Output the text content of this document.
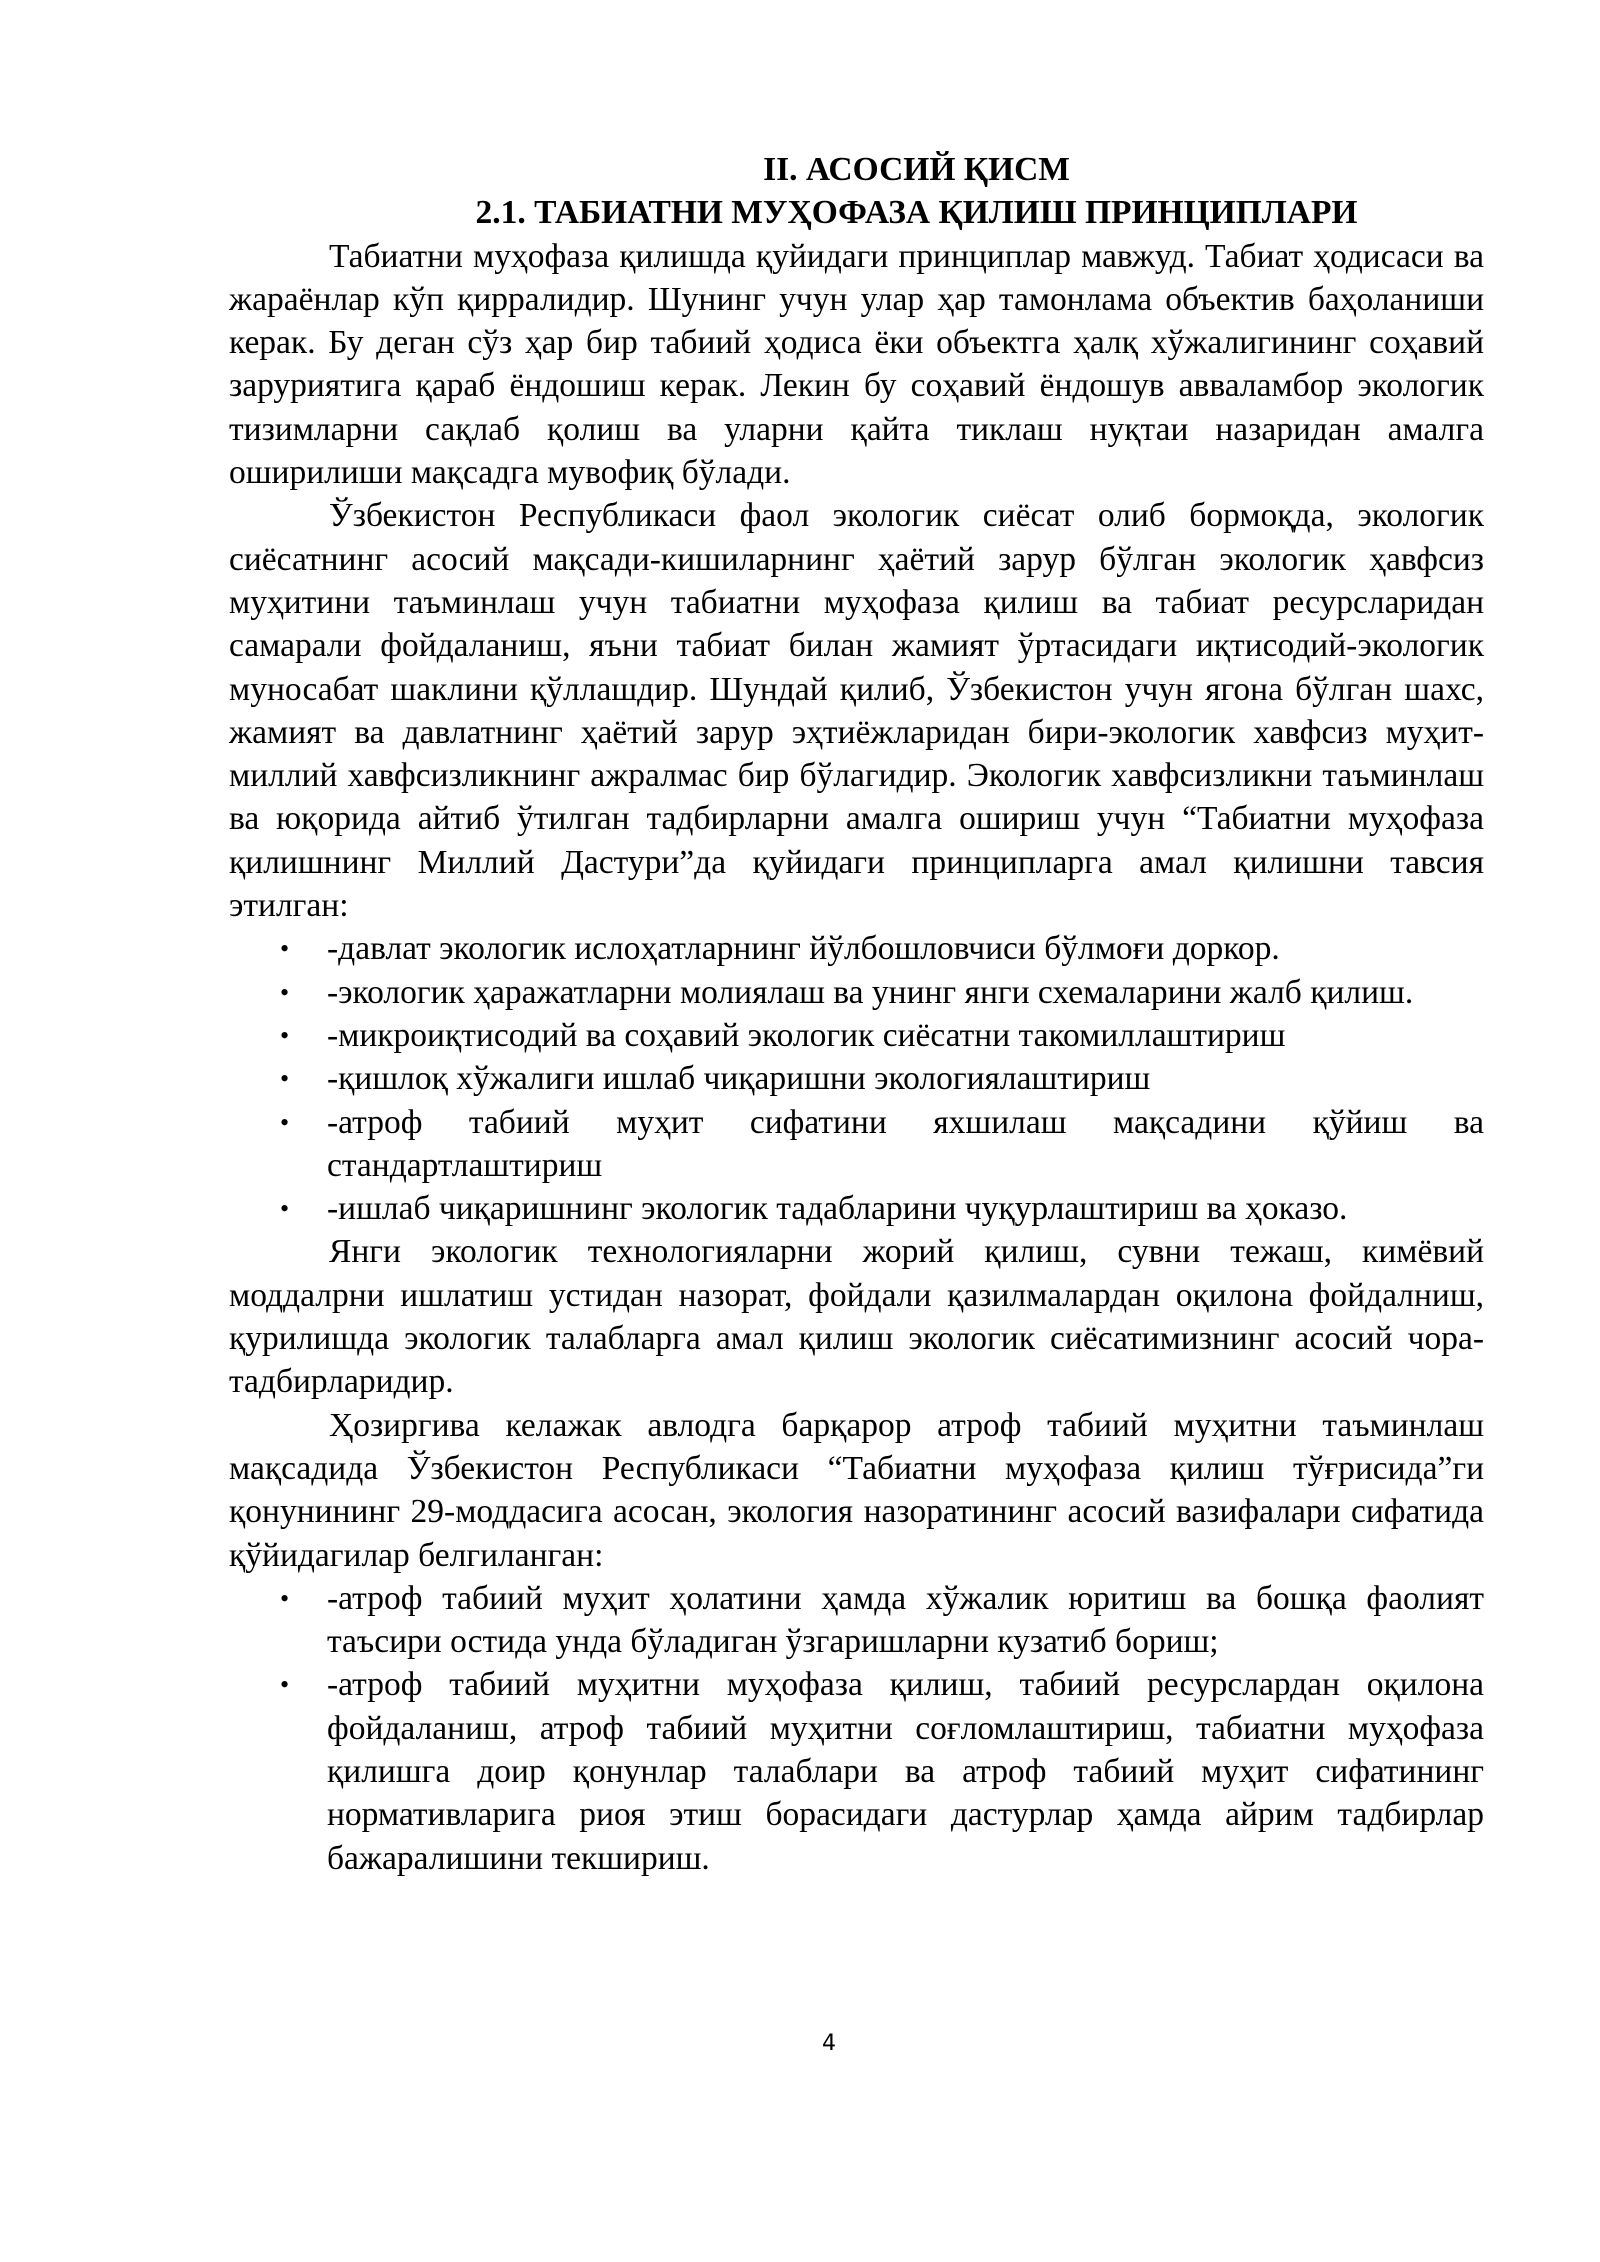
II. АСОСИЙ ҚИСМ
2.1. ТАБИАТНИ МУҲОФАЗА ҚИЛИШ ПРИНЦИПЛАРИ

Табиатни муҳофаза қилишда қуйидаги принциплар мавжуд. Табиат ҳодисаси ва жараёнлар кўп қирралидир. Шунинг учун улар ҳар тамонлама объектив баҳоланиши керак. Бу деган сўз ҳар бир табиий ҳодиса ёки объектга ҳалқ хўжалигининг соҳавий заруриятига қараб ёндошиш керак. Лекин бу соҳавий ёндошув авваламбор экологик тизимларни сақлаб қолиш ва уларни қайта тиклаш нуқтаи назаридан амалга оширилиши мақсадга мувофиқ бўлади.

Ўзбекистон Республикаси фаол экологик сиёсат олиб бормоқда, экологик сиёсатнинг асосий мақсади-кишиларнинг ҳаётий зарур бўлган экологик ҳавфсиз муҳитини таъминлаш учун табиатни муҳофаза қилиш ва табиат ресурсларидан самарали фойдаланиш, яъни табиат билан жамият ўртасидаги иқтисодий-экологик муносабат шаклини қўллашдир. Шундай қилиб, Ўзбекистон учун ягона бўлган шахс, жамият ва давлатнинг ҳаётий зарур эҳтиёжларидан бири-экологик хавфсиз муҳит-миллий хавфсизликнинг ажралмас бир бўлагидир. Экологик хавфсизликни таъминлаш ва юқорида айтиб ўтилган тадбирларни амалга ошириш учун “Табиатни муҳофаза қилишнинг Миллий Дастури”да қуйидаги принципларга амал қилишни тавсия этилган:

• -давлат экологик ислоҳатларнинг йўлбошловчиси бўлмоғи доркор.
• -экологик ҳаражатларни молиялаш ва унинг янги схемаларини жалб қилиш.
• -микроиқтисодий ва соҳавий экологик сиёсатни такомиллаштириш
• -қишлоқ хўжалиги ишлаб чиқаришни экологиялаштириш
• -атроф табиий муҳит сифатини яхшилаш мақсадини қўйиш ва стандартлаштириш
• -ишлаб чиқаришнинг экологик тадабларини чуқурлаштириш ва ҳоказо.

Янги экологик технологияларни жорий қилиш, сувни тежаш, кимёвий моддалрни ишлатиш устидан назорат, фойдали қазилмалардан оқилона фойдалниш, қурилишда экологик талабларга амал қилиш экологик сиёсатимизнинг асосий чора-тадбирларидир.

Ҳозиргива келажак авлодга барқарор атроф табиий муҳитни таъминлаш мақсадида Ўзбекистон Республикаси “Табиатни муҳофаза қилиш тўғрисида”ги қонунининг 29-моддасига асосан, экология назоратининг асосий вазифалари сифатида қўйидагилар белгиланган:

• -атроф табиий муҳит ҳолатини ҳамда хўжалик юритиш ва бошқа фаолият таъсири остида унда бўладиган ўзгаришларни кузатиб бориш;
• -атроф табиий муҳитни муҳофаза қилиш, табиий ресурслардан оқилона фойдаланиш, атроф табиий муҳитни соғломлаштириш, табиатни муҳофаза қилишга доир қонунлар талаблари ва атроф табиий муҳит сифатининг нормативларига риоя этиш борасидаги дастурлар ҳамда айрим тадбирлар бажаралишини текшириш.
4
